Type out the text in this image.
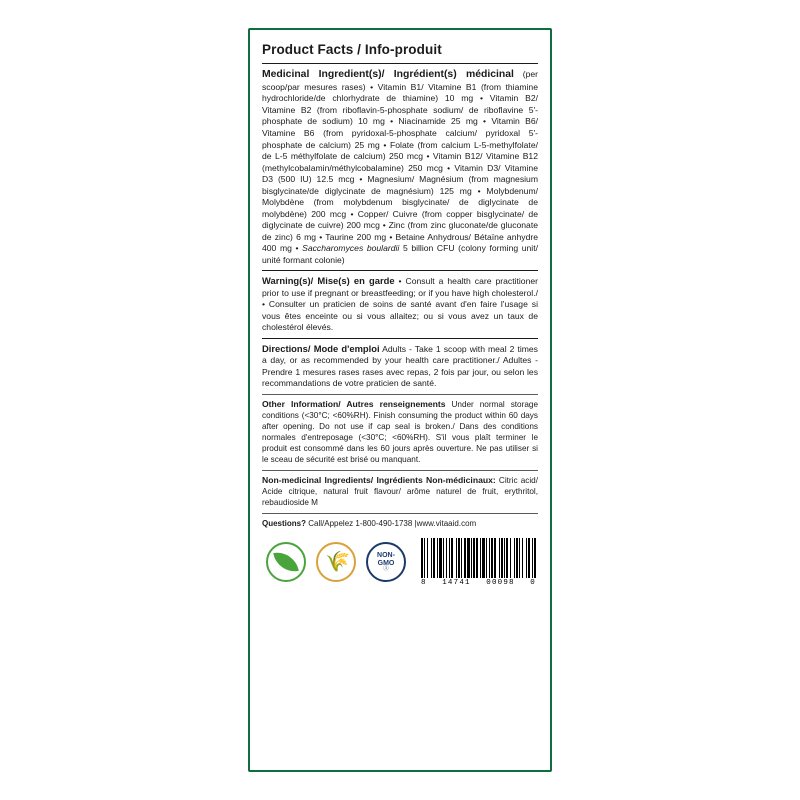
Product Facts / Info-produit
Medicinal Ingredient(s)/ Ingrédient(s) médicinal (per scoop/par mesures rases) • Vitamin B1/ Vitamine B1 (from thiamine hydrochloride/de chlorhydrate de thiamine) 10 mg • Vitamin B2/ Vitamine B2 (from riboflavin-5-phosphate sodium/ de riboflavine 5'-phosphate de sodium) 10 mg • Niacinamide 25 mg • Vitamin B6/ Vitamine B6 (from pyridoxal-5-phosphate calcium/ pyridoxal 5'-phosphate de calcium) 25 mg • Folate (from calcium L-5-methylfolate/ de L-5 méthylfolate de calcium) 250 mcg • Vitamin B12/ Vitamine B12 (methylcobalamin/méthylcobalamine) 250 mcg • Vitamin D3/ Vitamine D3 (500 IU) 12.5 mcg • Magnesium/ Magnésium (from magnesium bisglycinate/de diglycinate de magnésium) 125 mg • Molybdenum/ Molybdène (from molybdenum bisglycinate/ de diglycinate de molybdène) 200 mcg • Copper/ Cuivre (from copper bisglycinate/ de diglycinate de cuivre) 200 mcg • Zinc (from zinc gluconate/de gluconate de zinc) 6 mg • Taurine 200 mg • Betaine Anhydrous/ Bétaïne anhydre 400 mg • Saccharomyces boulardii 5 billion CFU (colony forming unit/ unité formant colonie)
Warning(s)/ Mise(s) en garde • Consult a health care practitioner prior to use if pregnant or breastfeeding; or if you have high cholesterol./ • Consulter un praticien de soins de santé avant d'en faire l'usage si vous êtes enceinte ou si vous allaitez; ou si vous avez un taux de cholestérol élevés.
Directions/ Mode d'emploi Adults - Take 1 scoop with meal 2 times a day, or as recommended by your health care practitioner./ Adultes - Prendre 1 mesures rases rases avec repas, 2 fois par jour, ou selon les recommandations de votre praticien de santé.
Other Information/ Autres renseignements Under normal storage conditions (<30°C; <60%RH). Finish consuming the product within 60 days after opening. Do not use if cap seal is broken./ Dans des conditions normales d'entreposage (<30°C; <60%RH). S'il vous plaît terminer le produit est consommé dans les 60 jours après ouverture. Ne pas utiliser si le sceau de sécurité est brisé ou manquant.
Non-medicinal Ingredients/ Ingrédients Non-médicinaux: Citric acid/ Acide citrique, natural fruit flavour/ arôme naturel de fruit, erythritol, rebaudioside M
Questions? Call/Appelez 1-800-490-1738 |www.vitaaid.com
🌾	NON-
GMO
Ⓐ
8 14741 00098 0
